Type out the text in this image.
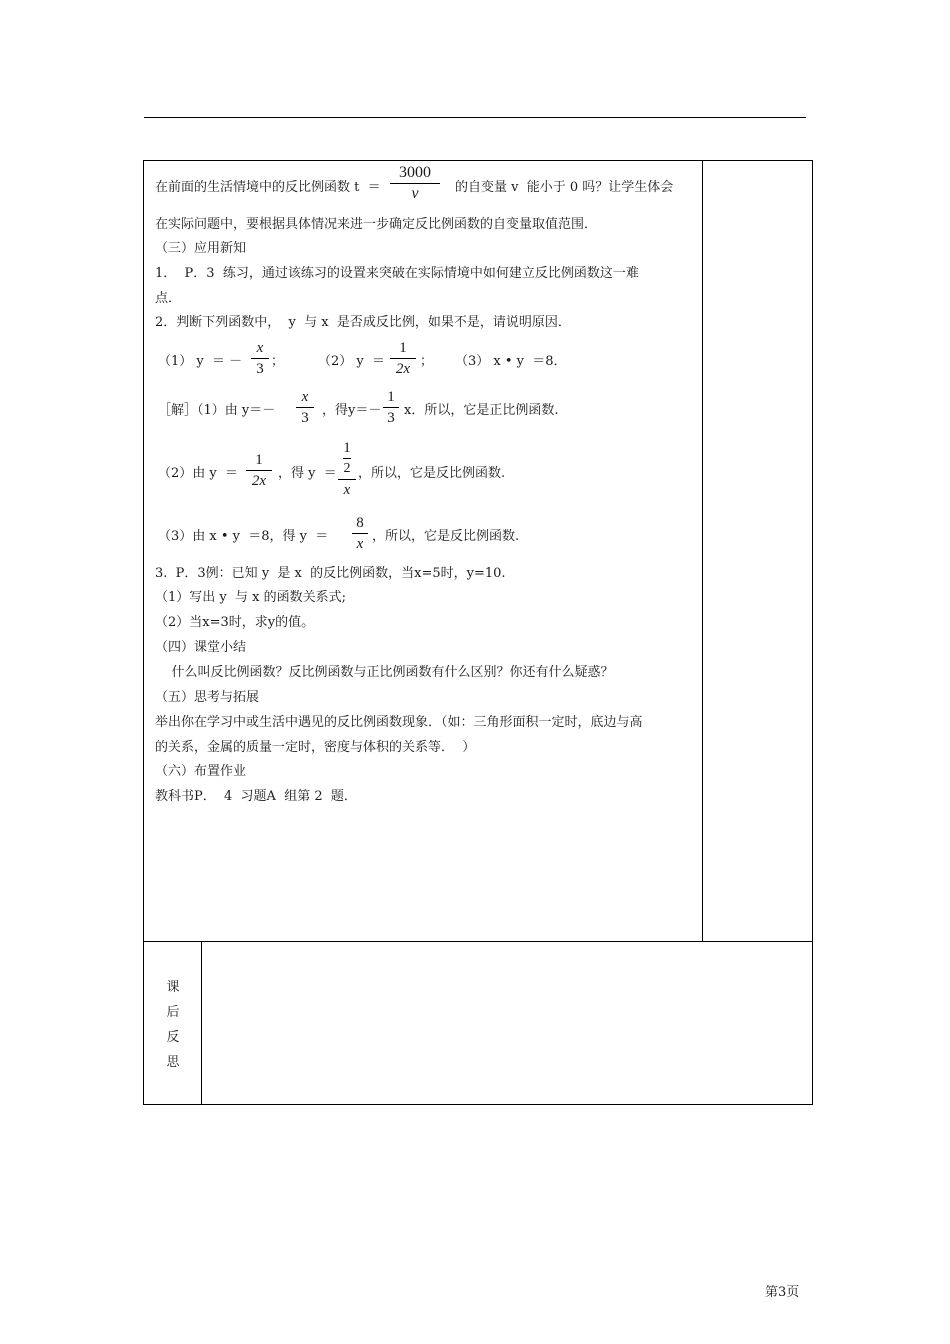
在前面的生活情境中的反比例函数 t  ＝
3000
v	的自变量 v  能小于 0 吗？让学生体会
在实际问题中，要根据具体情况来进一步确定反比例函数的自变量取值范围．
（三）应用新知
1．  P．3  练习，通过该练习的设置来突破在实际情境中如何建立反比例函数这一难
点．
2．判断下列函数中，  y  与 x  是否成反比例，如果不是，请说明原因．
（1） y  ＝ －
x
3 ；	（2） y  ＝
1
2x ； （3） x • y  ＝8．
［解］（1）由 y＝－
x
3	，得y＝－
1
3 x．所以，它是正比例函数.
（2）由 y  ＝
1
2x ，得 y  ＝
1
2
x
，所以，它是反比例函数.
（3）由 x • y  ＝8，得 y  ＝
8
x ，所以，它是反比例函数.
3.  P．3例：已知 y  是 x  的反比例函数，当x=5时，y=10.
（1）写出 y  与 x 的函数关系式;
（2）当x=3时，求y的值。
（四）课堂小结
什么叫反比例函数？反比例函数与正比例函数有什么区别？你还有什么疑惑？
（五）思考与拓展
举出你在学习中或生活中遇见的反比例函数现象．（如：三角形面积一定时，底边与高
的关系，金属的质量一定时，密度与体积的关系等．  ）
（六）布置作业
教科书P．  4  习题A  组第 2  题．
课
后
反
思
第3页
